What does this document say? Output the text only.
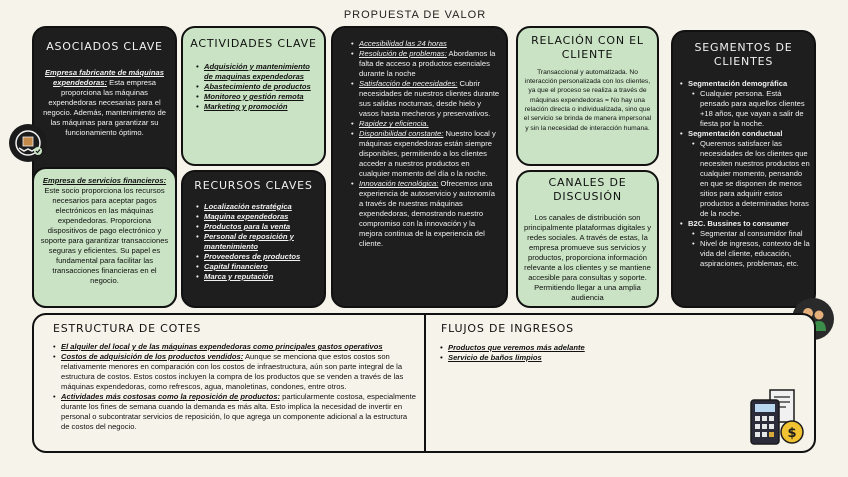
PROPUESTA DE VALOR
ASOCIADOS CLAVE
Empresa fabricante de máquinas expendedoras: Esta empresa proporciona las máquinas expendedoras necesarias para el negocio. Además, mantenimiento de las máquinas para garantizar su funcionamiento óptimo.
Empresa de servicios financieros: Este socio proporciona los recursos necesarios para aceptar pagos electrónicos en las máquinas expendedoras. Proporciona dispositivos de pago electrónico y soporte para garantizar transacciones seguras y eficientes. Su papel es fundamental para facilitar las transacciones financieras en el negocio.
ACTIVIDADES CLAVE
• Adquisición y mantenimiento de maquinas expendedoras
• Abastecimiento de productos
• Monitoreo y gestión remota
• Marketing y promoción
RECURSOS CLAVES
• Localización estratégica
• Maquina expendedoras
• Productos para la venta
• Personal de reposición y mantenimiento
• Proveedores de productos
• Capital financiero
• Marca y reputación
• Accesibilidad las 24 horas
• Resolución de problemas: Abordamos la falta de acceso a productos esenciales durante la noche
• Satisfacción de necesidades: Cubrir necesidades de nuestros clientes durante sus salidas nocturnas, desde hielo y vasos hasta mecheros y preservativos.
• Rapidez y eficiencia.
• Disponibilidad constante: Nuestro local y máquinas expendedoras están siempre disponibles, permitiendo a los clientes acceder a nuestros productos en cualquier momento del día o la noche.
• Innovación tecnológica: Ofrecemos una experiencia de autoservicio y autonomía a través de nuestras máquinas expendedoras, demostrando nuestro compromiso con la innovación y la mejora continua de la experiencia del cliente.
RELACIÓN CON EL CLIENTE
Transaccional y automatizada. No interacción personalizada con los clientes, ya que el proceso se realiza a través de máquinas expendedoras = No hay una relación directa o individualizada, sino que el servicio se brinda de manera impersonal y sin la necesidad de interacción humana.
CANALES DE DISCUSIÓN
Los canales de distribución son principalmente plataformas digitales y redes sociales. A través de estas, la empresa promueve sus servicios y productos, proporciona información relevante a los clientes y se mantiene accesible para consultas y soporte. Permitiendo llegar a una amplia audiencia
SEGMENTOS DE CLIENTES
• Segmentación demográfica
• Cualquier persona. Está pensado para aquellos clientes +18 años, que vayan a salir de fiesta por la noche.
• Segmentación conductual
• Queremos satisfacer las necesidades de los clientes que necesiten nuestros productos en cualquier momento, pensando en que se disponen de menos sitios para adquirir estos productos a determinadas horas de la noche.
• B2C. Bussines to consumer
• Segmentar al consumidor final
• Nivel de ingresos, contexto de la vida del cliente, educación, aspiraciones, problemas, etc.
ESTRUCTURA DE COTES
• El alquiler del local y de las máquinas expendedoras como principales gastos operativos
• Costos de adquisición de los productos vendidos: Aunque se menciona que estos costos son relativamente menores en comparación con los costos de infraestructura, aún son parte integral de la estructura de costos. Estos costos incluyen la compra de los productos que se venden a través de las máquinas expendedoras, como refrescos, agua, manoletinas, condones, entre otros.
• Actividades más costosas como la reposición de productos: particularmente costosa, especialmente durante los fines de semana cuando la demanda es más alta. Esto implica la necesidad de invertir en personal o subcontratar servicios de reposición, lo que agrega un componente adicional a la estructura de costos del negocio.
FLUJOS DE INGRESOS
• Productos que veremos más adelante
• Servicio de baños limpios
$
